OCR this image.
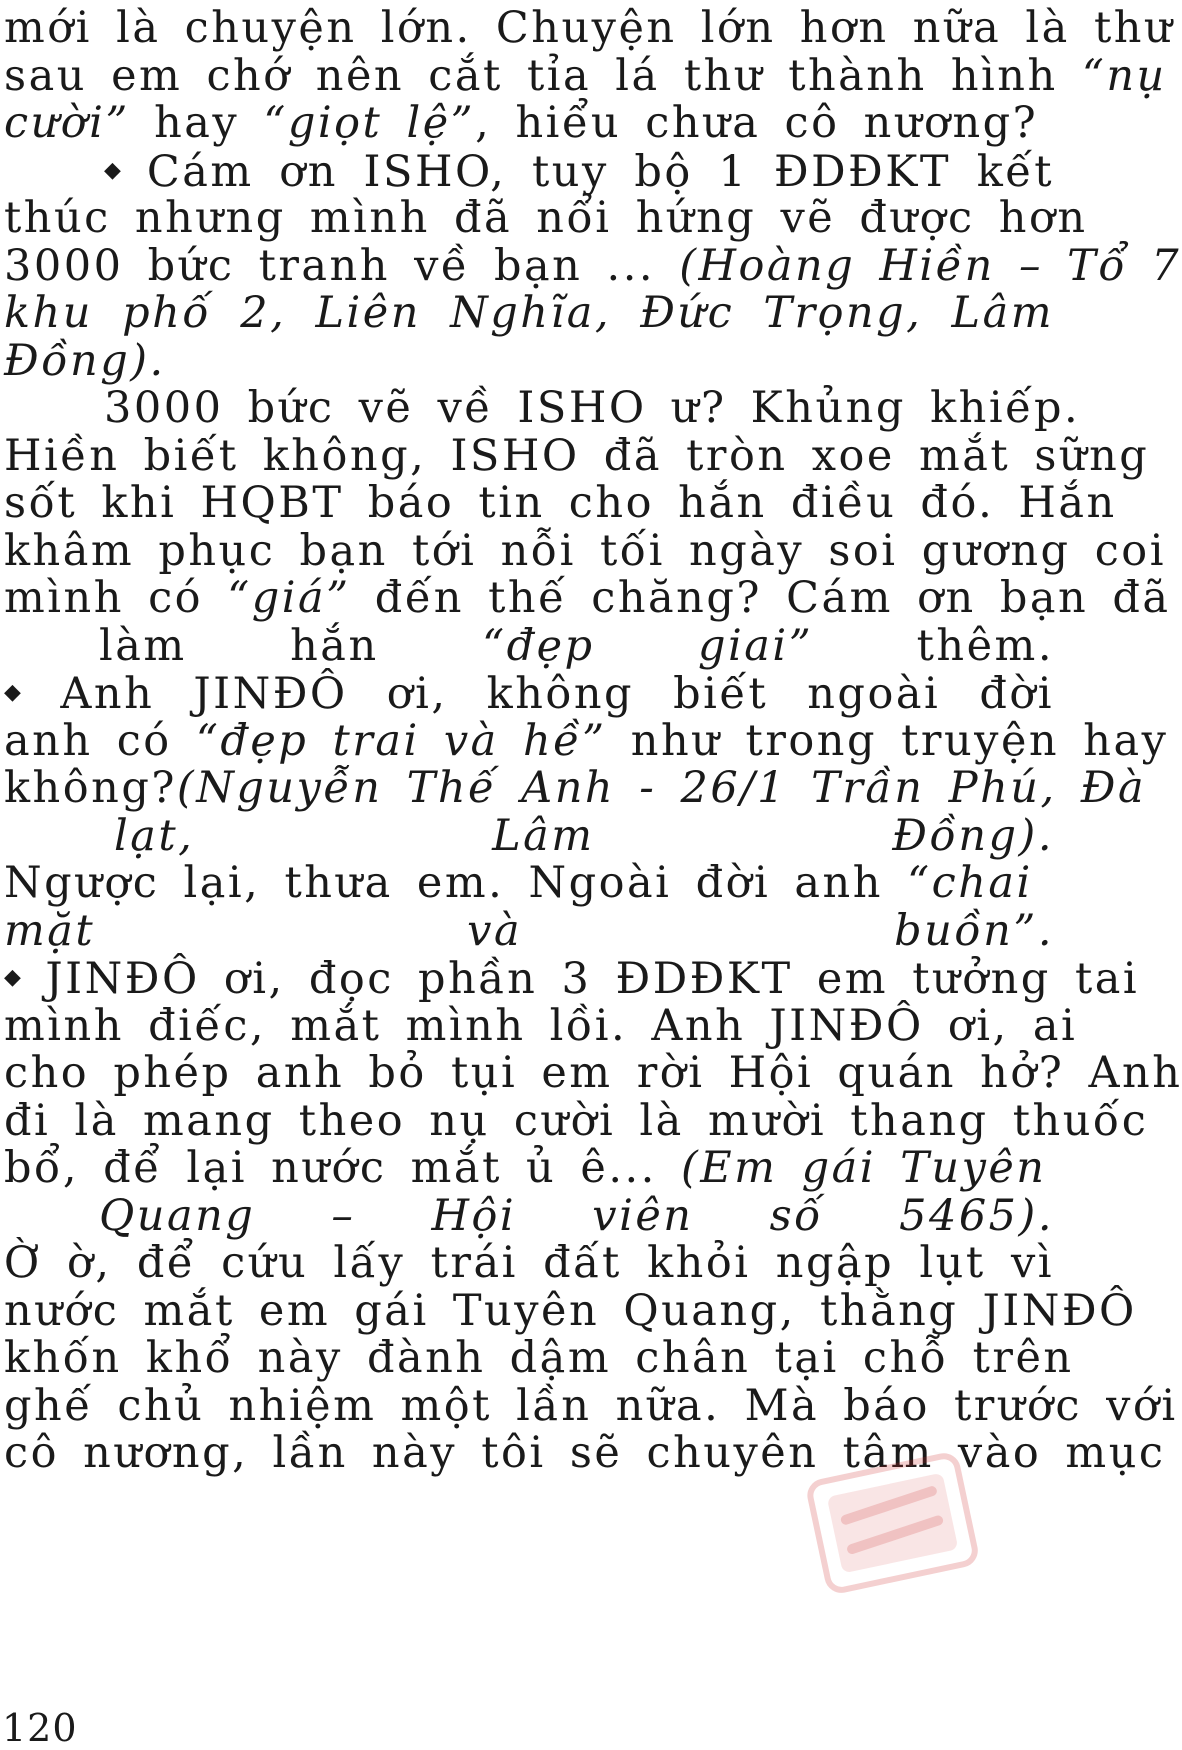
mới là chuyện lớn. Chuyện lớn hơn nữa là thư
sau em chớ nên cắt tỉa lá thư thành hình “nụ
cười” hay “giọt lệ”, hiểu chưa cô nương?
◆ Cám ơn ISHO, tuy bộ 1 ĐDĐKT kết
thúc nhưng mình đã nổi hứng vẽ được hơn
3000 bức tranh về bạn ... (Hoàng Hiền – Tổ 7
khu phố 2, Liên Nghĩa, Đức Trọng, Lâm
Đồng).
3000 bức vẽ về ISHO ư? Khủng khiếp.
Hiền biết không, ISHO đã tròn xoe mắt sững
sốt khi HQBT báo tin cho hắn điều đó. Hắn
khâm phục bạn tới nỗi tối ngày soi gương coi
mình có “giá” đến thế chăng? Cám ơn bạn đã
làm hắn “đẹp giai” thêm.
◆ Anh JINĐÔ ơi, không biết ngoài đời
anh có “đẹp trai và hề” như trong truyện hay
không?(Nguyễn Thế Anh - 26/1 Trần Phú, Đà
lạt, Lâm Đồng).
Ngược lại, thưa em. Ngoài đời anh “chai
mặt và buồn”.
◆ JINĐÔ ơi, đọc phần 3 ĐDĐKT em tưởng tai
mình điếc, mắt mình lồi. Anh JINĐÔ ơi, ai
cho phép anh bỏ tụi em rời Hội quán hở? Anh
đi là mang theo nụ cười là mười thang thuốc
bổ, để lại nước mắt ủ ê... (Em gái Tuyên
Quang – Hội viên số 5465).
Ờ ờ, để cứu lấy trái đất khỏi ngập lụt vì
nước mắt em gái Tuyên Quang, thằng JINĐÔ
khốn khổ này đành dậm chân tại chỗ trên
ghế chủ nhiệm một lần nữa. Mà báo trước với
cô nương, lần này tôi sẽ chuyên tâm vào mục
120
